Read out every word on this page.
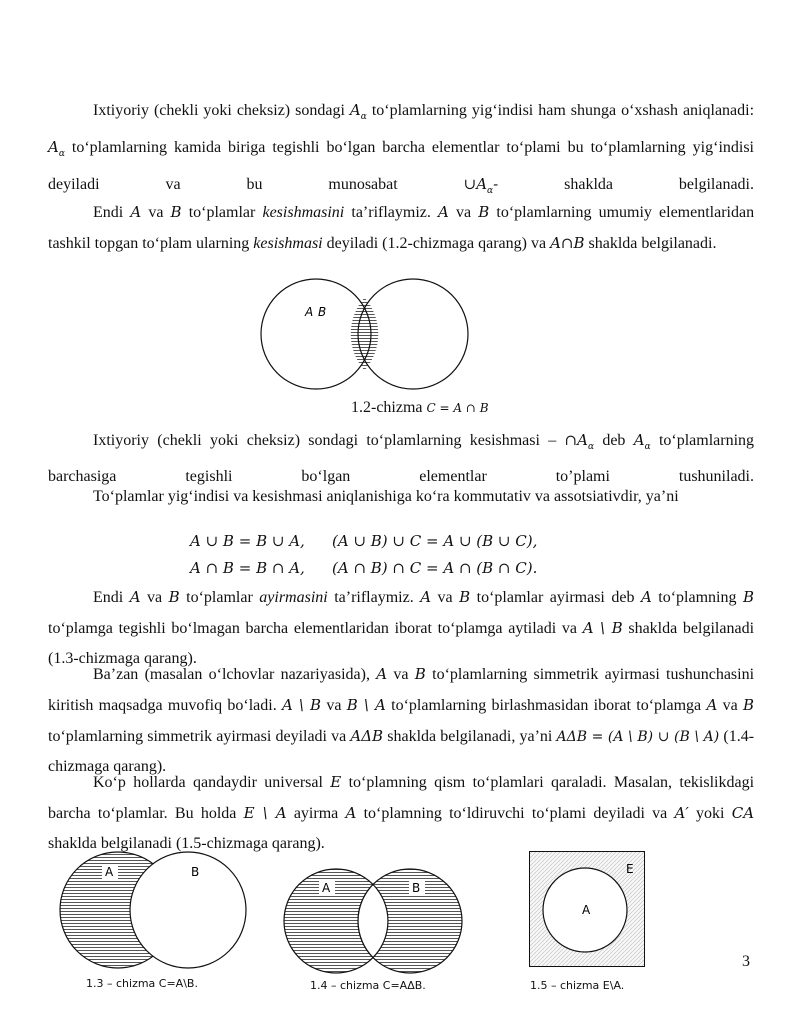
Ixtiyoriy (chekli yoki cheksiz) sondagi $A_\alpha$ to‘plamlarning yig‘indisi ham shunga o‘xshash aniqlanadi: $A_\alpha$ to‘plamlarning kamida biriga tegishli bo‘lgan barcha elementlar to‘plami bu to‘plamlarning yig‘indisi deyiladi va bu munosabat	$\cup A_\alpha-$	shaklda belgilanadi.
Endi A va B to‘plamlar kesishmasini ta’riflaymiz. A va B to‘plamlarning umumiy elementlaridan tashkil topgan to‘plam ularning kesishmasi deyiladi (1.2-chizmaga qarang) va A∩B shaklda belgilanadi.
A B
1.2-chizma C = A ∩ B
Ixtiyoriy (chekli yoki cheksiz) sondagi to‘plamlarning kesishmasi – $\cap A_\alpha$ deb $A_\alpha$ to‘plamlarning barchasiga tegishli bo‘lgan elementlar to’plami tushuniladi.
To‘plamlar yig‘indisi va kesishmasi aniqlanishiga ko‘ra kommutativ va assotsiativdir, ya’ni
A ∪ B = B ∪ A, (A ∪ B) ∪ C = A ∪ (B ∪ C),
A ∩ B = B ∩ A, (A ∩ B) ∩ C = A ∩ (B ∩ C).
Endi A va B to‘plamlar ayirmasini ta’riflaymiz. A va B to‘plamlar ayirmasi deb A to‘plamning B to‘plamga tegishli bo‘lmagan barcha elementlaridan iborat to‘plamga aytiladi va A \ B shaklda belgilanadi (1.3-chizmaga qarang).
Ba’zan (masalan o‘lchovlar nazariyasida), A va B to‘plamlarning simmetrik ayirmasi tushunchasini kiritish maqsadga muvofiq bo‘ladi. A \ B va B \ A to‘plamlarning birlashmasidan iborat to‘plamga A va B to‘plamlarning simmetrik ayirmasi deyiladi va AΔB shaklda belgilanadi, ya’ni AΔB = (A \ B) ∪ (B \ A) (1.4-chizmaga qarang).
Ko‘p hollarda qandaydir universal E to‘plamning qism to‘plamlari qaraladi. Masalan, tekislikdagi barcha to‘plamlar. Bu holda E \ A ayirma A to‘plamning to‘ldiruvchi to‘plami deyiladi va A′ yoki CA shaklda belgilanadi (1.5-chizmaga qarang).
A	B
1.3 – chizma C=A\B.
A	B
1.4 – chizma C=AΔB.
E
A
1.5 – chizma E\A.
3
